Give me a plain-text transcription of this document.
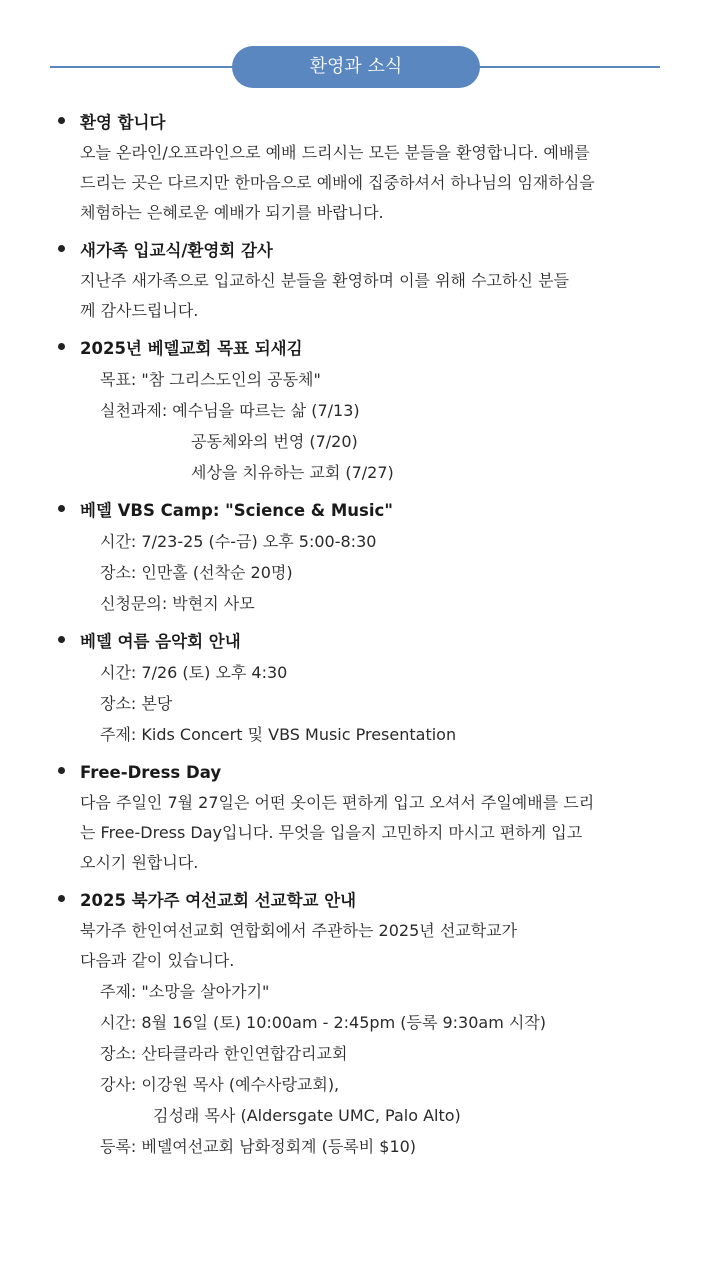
환영과 소식
환영 합니다
오늘 온라인/오프라인으로 예배 드리시는 모든 분들을 환영합니다. 예배를
드리는 곳은 다르지만 한마음으로 예배에 집중하셔서 하나님의 임재하심을
체험하는 은혜로운 예배가 되기를 바랍니다.
새가족 입교식/환영회 감사
지난주 새가족으로 입교하신 분들을 환영하며 이를 위해 수고하신 분들
께 감사드립니다.
2025년 베델교회 목표 되새김
목표: "참 그리스도인의 공동체"
실천과제: 예수님을 따르는 삶 (7/13)
공동체와의 번영 (7/20)
세상을 치유하는 교회 (7/27)
베델 VBS Camp: "Science & Music"
시간: 7/23-25 (수-금) 오후 5:00-8:30
장소: 인만홀 (선착순 20명)
신청문의: 박현지 사모
베델 여름 음악회 안내
시간: 7/26 (토) 오후 4:30
장소: 본당
주제: Kids Concert 및 VBS Music Presentation
Free-Dress Day
다음 주일인 7월 27일은 어떤 옷이든 편하게 입고 오셔서 주일예배를 드리
는 Free-Dress Day입니다. 무엇을 입을지 고민하지 마시고 편하게 입고
오시기 원합니다.
2025 북가주 여선교회 선교학교 안내
북가주 한인여선교회 연합회에서 주관하는 2025년 선교학교가
다음과 같이 있습니다.
주제: "소망을 살아가기"
시간: 8월 16일 (토) 10:00am - 2:45pm (등록 9:30am 시작)
장소: 산타클라라 한인연합감리교회
강사: 이강원 목사 (예수사랑교회),
김성래 목사 (Aldersgate UMC, Palo Alto)
등록: 베델여선교회 남화정회계 (등록비 $10)
